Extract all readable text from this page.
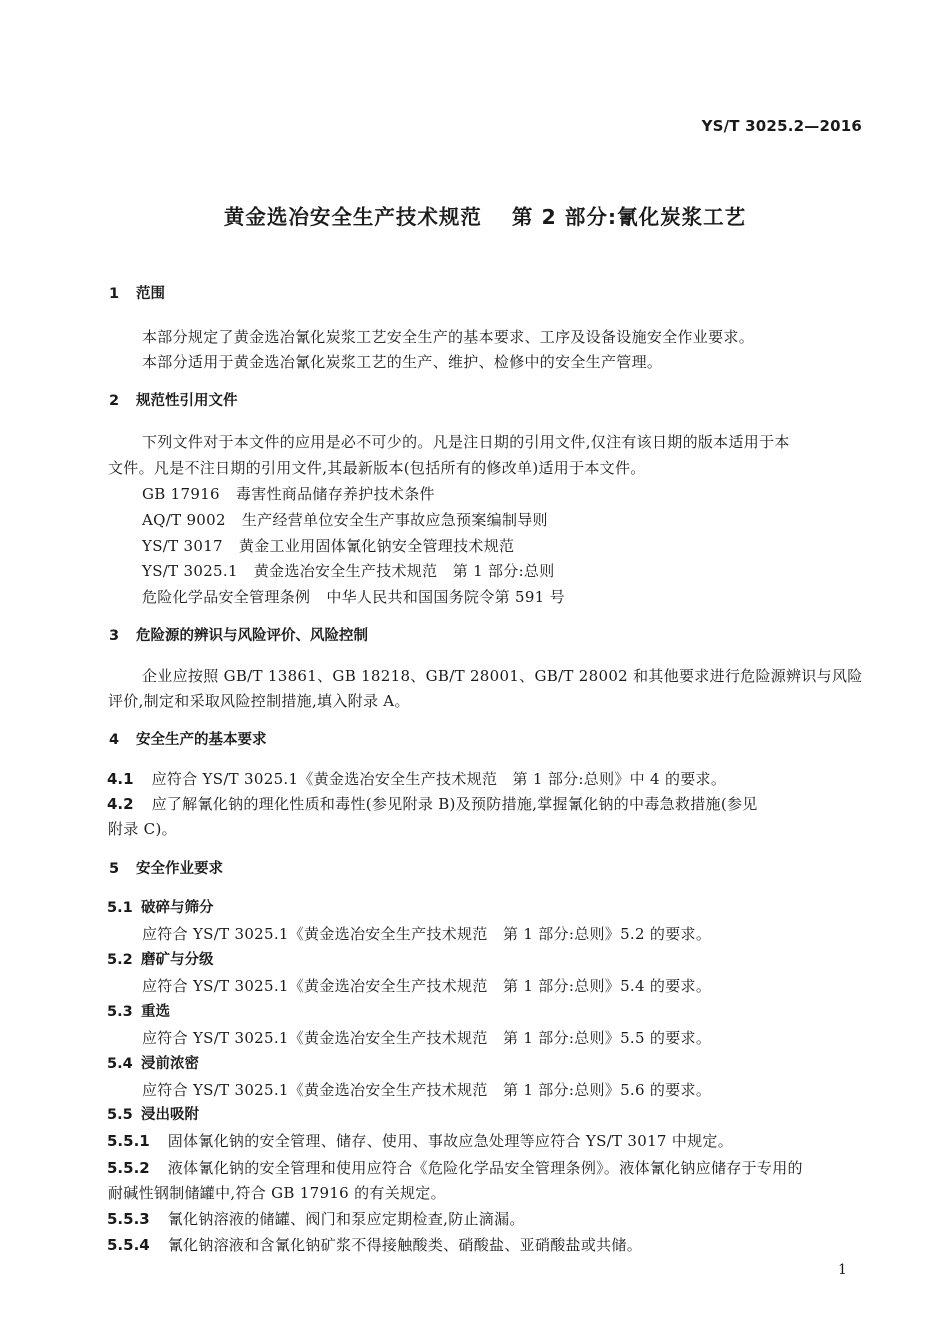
YS/T 3025.2—2016
黄金选冶安全生产技术规范 第 2 部分:氰化炭浆工艺
1 范围
本部分规定了黄金选冶氰化炭浆工艺安全生产的基本要求、工序及设备设施安全作业要求。
本部分适用于黄金选冶氰化炭浆工艺的生产、维护、检修中的安全生产管理。
2 规范性引用文件
下列文件对于本文件的应用是必不可少的。凡是注日期的引用文件,仅注有该日期的版本适用于本
文件。凡是不注日期的引用文件,其最新版本(包括所有的修改单)适用于本文件。
GB 17916 毒害性商品储存养护技术条件
AQ/T 9002 生产经营单位安全生产事故应急预案编制导则
YS/T 3017 黄金工业用固体氰化钠安全管理技术规范
YS/T 3025.1 黄金选冶安全生产技术规范　第 1 部分:总则
危险化学品安全管理条例 中华人民共和国国务院令第 591 号
3 危险源的辨识与风险评价、风险控制
企业应按照 GB/T 13861、GB 18218、GB/T 28001、GB/T 28002 和其他要求进行危险源辨识与风险
评价,制定和采取风险控制措施,填入附录 A。
4 安全生产的基本要求
4.1 应符合 YS/T 3025.1《黄金选冶安全生产技术规范　第 1 部分:总则》中 4 的要求。
4.2 应了解氰化钠的理化性质和毒性(参见附录 B)及预防措施,掌握氰化钠的中毒急救措施(参见
附录 C)。
5 安全作业要求
5.1 破碎与筛分
应符合 YS/T 3025.1《黄金选冶安全生产技术规范　第 1 部分:总则》5.2 的要求。
5.2 磨矿与分级
应符合 YS/T 3025.1《黄金选冶安全生产技术规范　第 1 部分:总则》5.4 的要求。
5.3 重选
应符合 YS/T 3025.1《黄金选冶安全生产技术规范　第 1 部分:总则》5.5 的要求。
5.4 浸前浓密
应符合 YS/T 3025.1《黄金选冶安全生产技术规范　第 1 部分:总则》5.6 的要求。
5.5 浸出吸附
5.5.1 固体氰化钠的安全管理、储存、使用、事故应急处理等应符合 YS/T 3017 中规定。
5.5.2 液体氰化钠的安全管理和使用应符合《危险化学品安全管理条例》。液体氰化钠应储存于专用的
耐碱性钢制储罐中,符合 GB 17916 的有关规定。
5.5.3 氰化钠溶液的储罐、阀门和泵应定期检查,防止滴漏。
5.5.4 氰化钠溶液和含氰化钠矿浆不得接触酸类、硝酸盐、亚硝酸盐或共储。
1
